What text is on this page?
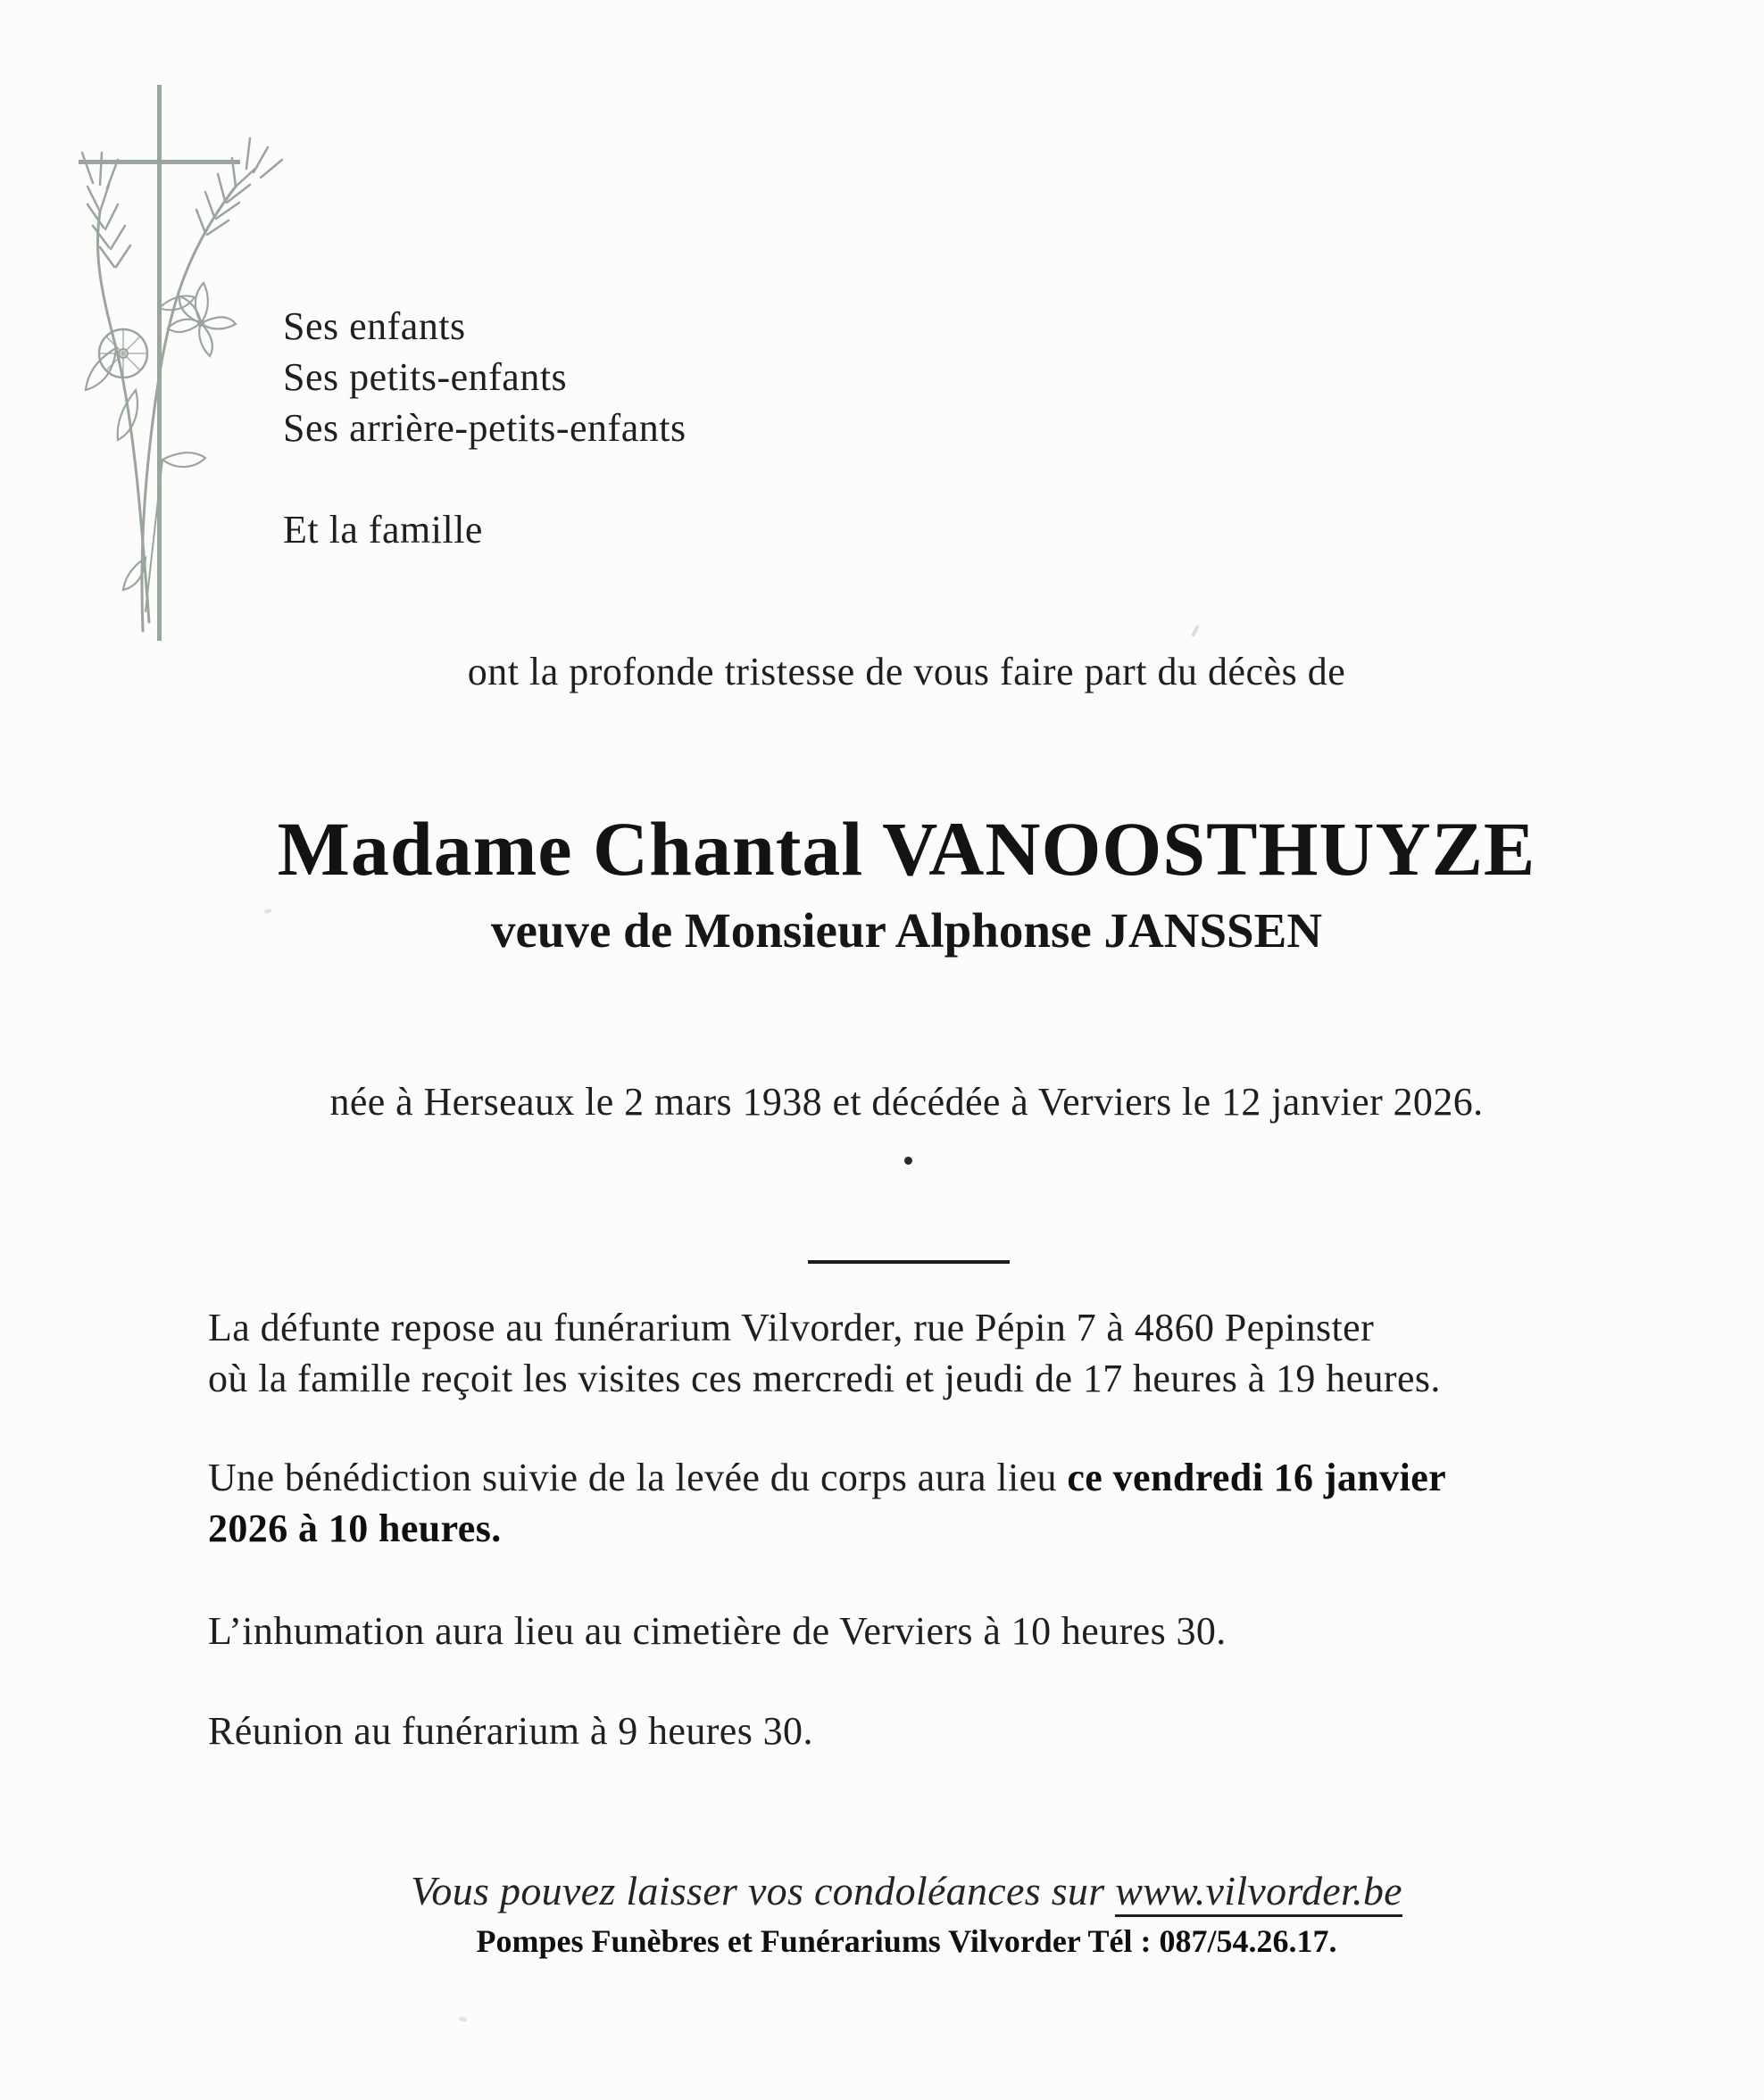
Ses enfants
Ses petits-enfants
Ses arrière-petits-enfants
Et la famille
ont la profonde tristesse de vous faire part du décès de
Madame Chantal VANOOSTHUYZE
veuve de Monsieur Alphonse JANSSEN
née à Herseaux le 2 mars 1938 et décédée à Verviers le 12 janvier 2026.

La défunte repose au funérarium Vilvorder, rue Pépin 7 à 4860 Pepinster
où la famille reçoit les visites ces mercredi et jeudi de 17 heures à 19 heures.

Une bénédiction suivie de la levée du corps aura lieu ce vendredi 16 janvier
2026 à 10 heures.

L’inhumation aura lieu au cimetière de Verviers à 10 heures 30.

Réunion au funérarium à 9 heures 30.

Vous pouvez laisser vos condoléances sur www.vilvorder.be
Pompes Funèbres et Funérariums Vilvorder Tél : 087/54.26.17.
